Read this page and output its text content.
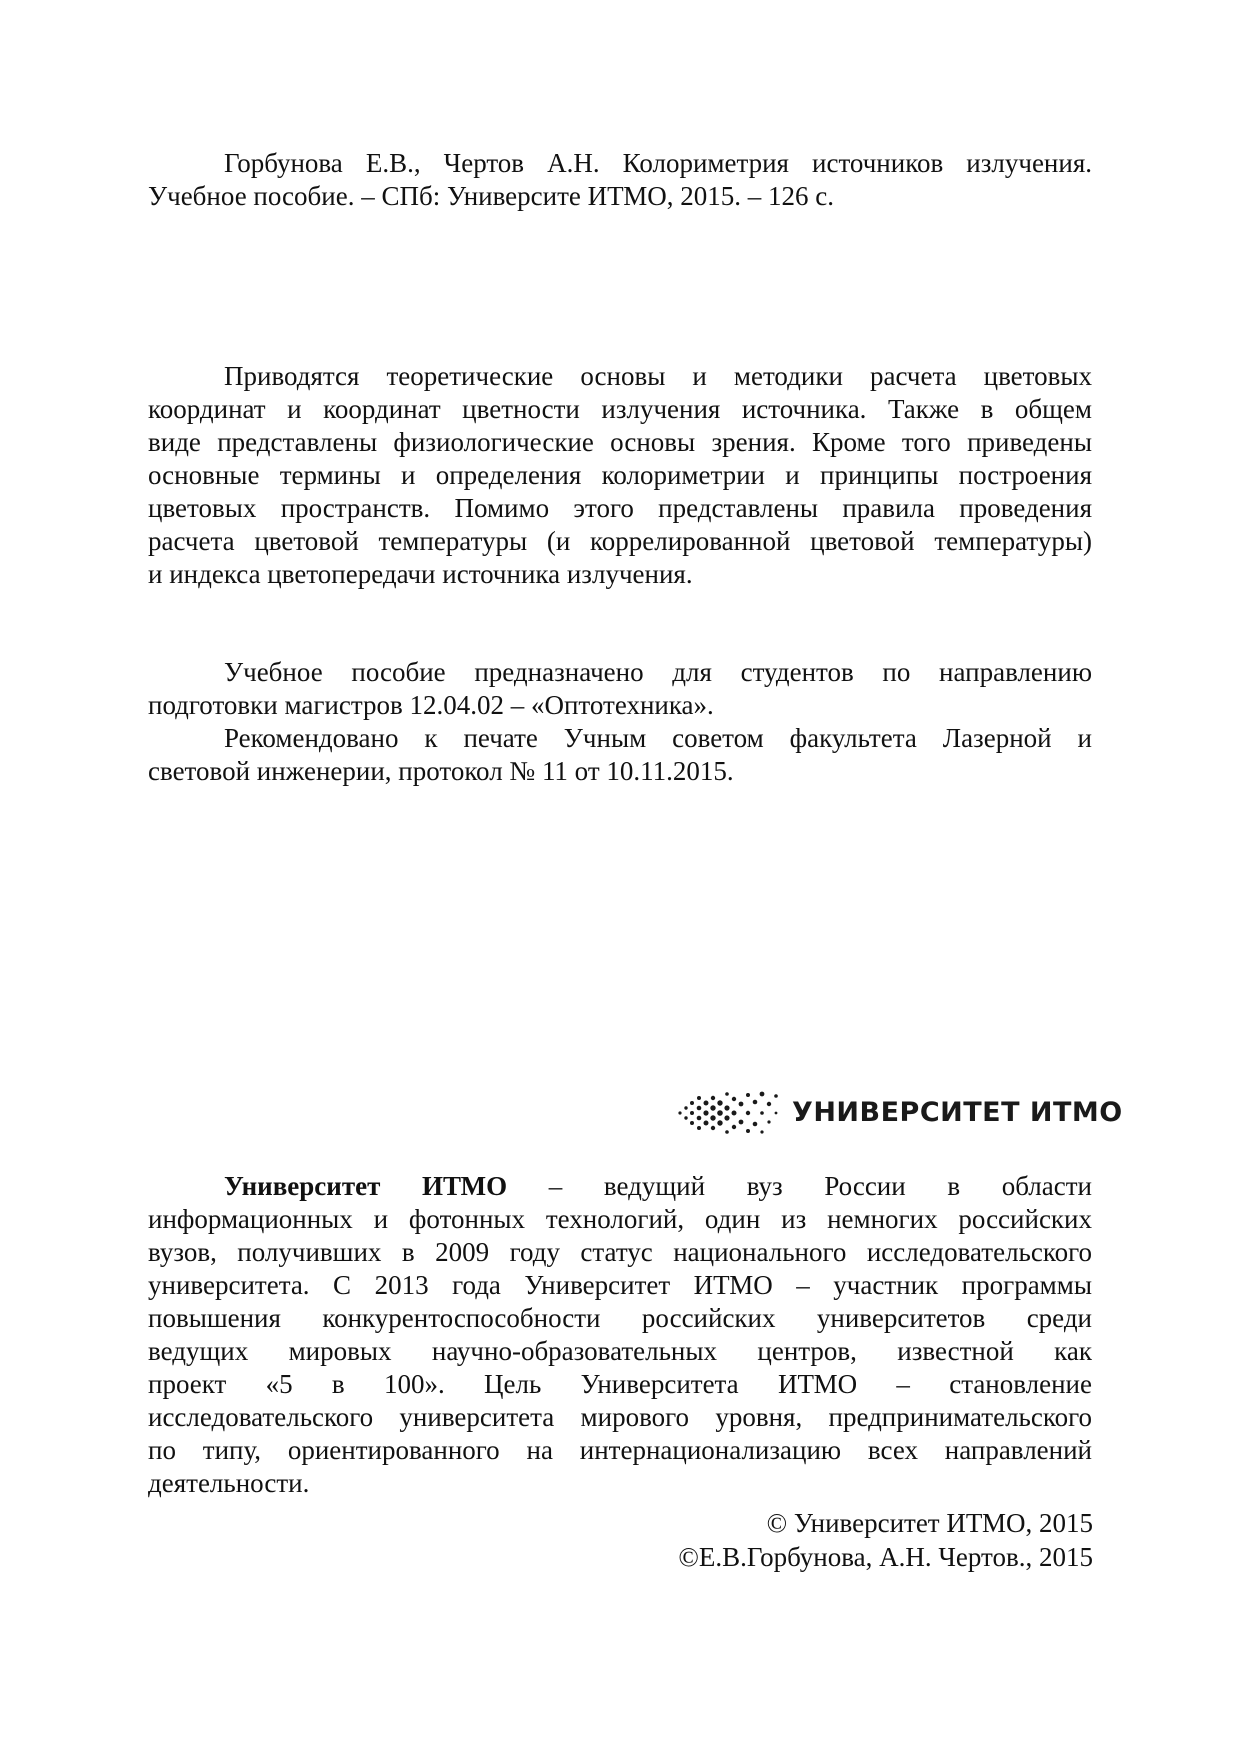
Горбунова Е.В., Чертов А.Н. Колориметрия источников излучения.
Учебное пособие. – СПб: Университе ИТМО, 2015. – 126 с.
Приводятся теоретические основы и методики расчета цветовых
координат и координат цветности излучения источника. Также в общем
виде представлены физиологические основы зрения. Кроме того приведены
основные термины и определения колориметрии и принципы построения
цветовых пространств. Помимо этого представлены правила проведения
расчета цветовой температуры (и коррелированной цветовой температуры)
и индекса цветопередачи источника излучения.
Учебное пособие предназначено для студентов по направлению
подготовки магистров 12.04.02 – «Оптотехника».
Рекомендовано к печате Учным советом факультета Лазерной и
световой инженерии, протокол № 11 от 10.11.2015.
УНИВЕРСИТЕТ ИТМО
Университет ИТМО – ведущий вуз России в области
информационных и фотонных технологий, один из немногих российских
вузов, получивших в 2009 году статус национального исследовательского
университета. С 2013 года Университет ИТМО – участник программы
повышения конкурентоспособности российских университетов среди
ведущих мировых научно-образовательных центров, известной как
проект «5 в 100». Цель Университета ИТМО – становление
исследовательского университета мирового уровня, предпринимательского
по типу, ориентированного на интернационализацию всех направлений
деятельности.
© Университет ИТМО, 2015
©Е.В.Горбунова, А.Н. Чертов., 2015
